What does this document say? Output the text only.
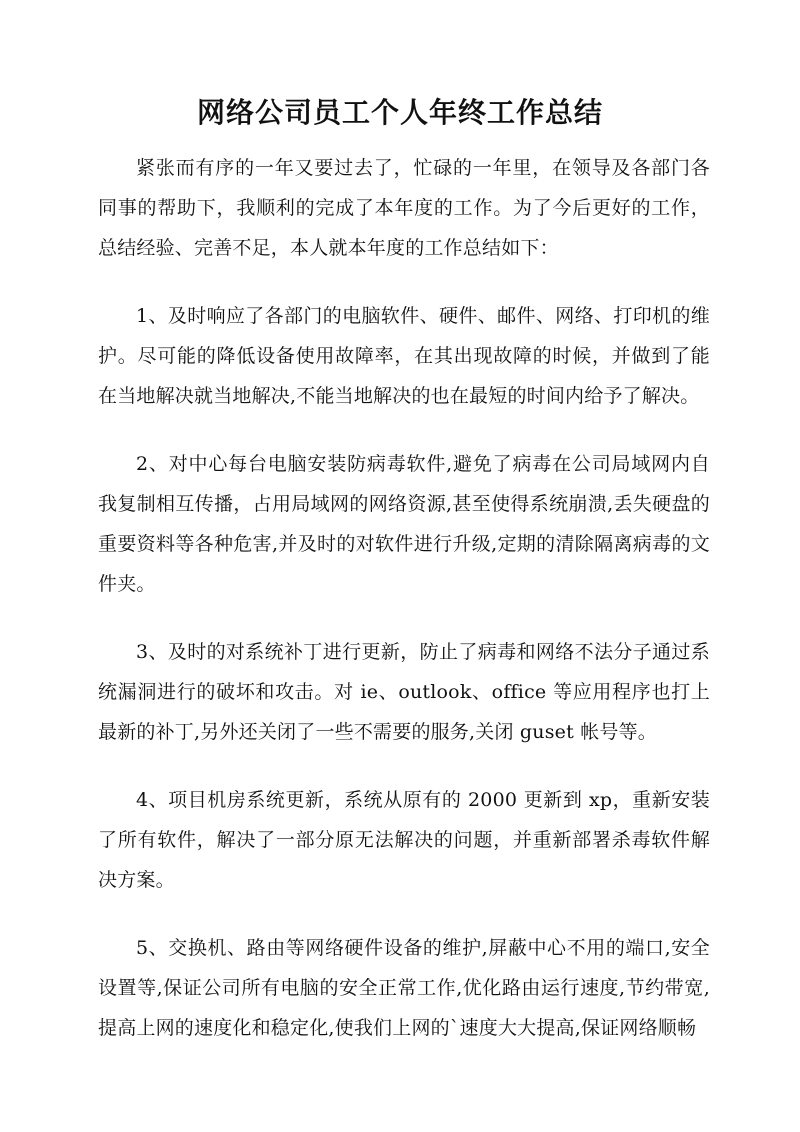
网络公司员工个人年终工作总结

紧张而有序的一年又要过去了，忙碌的一年里，在领导及各部门各同事的帮助下，我顺利的完成了本年度的工作。为了今后更好的工作，总结经验、完善不足，本人就本年度的工作总结如下：

1、及时响应了各部门的电脑软件、硬件、邮件、网络、打印机的维护。尽可能的降低设备使用故障率，在其出现故障的时候，并做到了能在当地解决就当地解决,不能当地解决的也在最短的时间内给予了解决。

2、对中心每台电脑安装防病毒软件,避免了病毒在公司局域网内自我复制相互传播，占用局域网的网络资源,甚至使得系统崩溃,丢失硬盘的重要资料等各种危害,并及时的对软件进行升级,定期的清除隔离病毒的文件夹。

3、及时的对系统补丁进行更新，防止了病毒和网络不法分子通过系统漏洞进行的破坏和攻击。对 ie、outlook、office 等应用程序也打上最新的补丁,另外还关闭了一些不需要的服务,关闭 guset 帐号等。

4、项目机房系统更新，系统从原有的 2000 更新到 xp，重新安装了所有软件，解决了一部分原无法解决的问题，并重新部署杀毒软件解决方案。

5、交换机、路由等网络硬件设备的维护,屏蔽中心不用的端口,安全设置等,保证公司所有电脑的安全正常工作,优化路由运行速度,节约带宽,提高上网的速度化和稳定化,使我们上网的`速度大大提高,保证网络顺畅
